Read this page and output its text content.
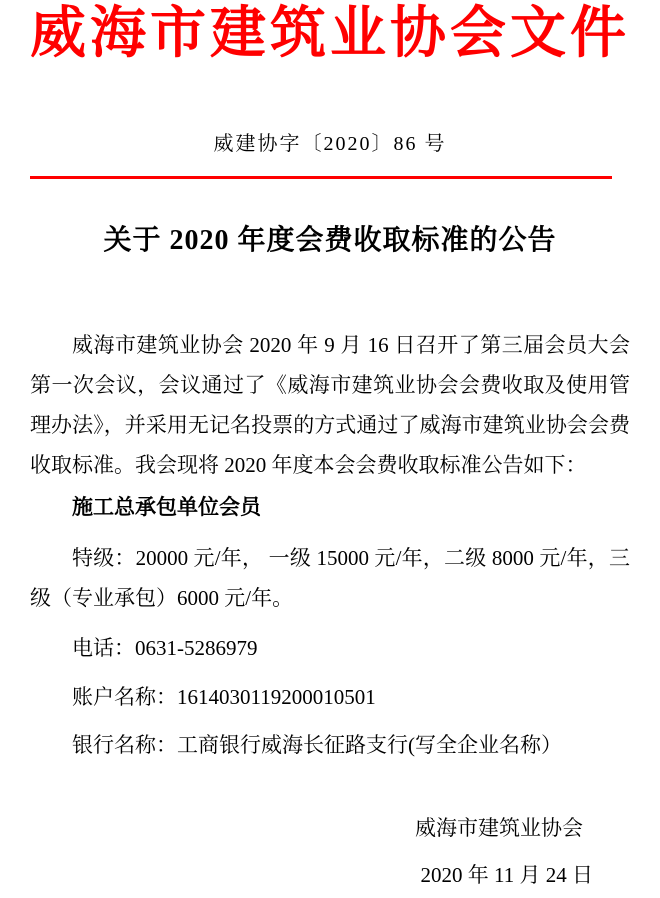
威海市建筑业协会文件
威建协字〔2020〕86 号
关于 2020 年度会费收取标准的公告

威海市建筑业协会 2020 年 9 月 16 日召开了第三届会员大会第一次会议，会议通过了《威海市建筑业协会会费收取及使用管理办法》，并采用无记名投票的方式通过了威海市建筑业协会会费收取标准。我会现将 2020 年度本会会费收取标准公告如下：

施工总承包单位会员

特级：20000 元/年， 一级 15000 元/年，二级 8000 元/年，三级（专业承包）6000 元/年。

电话：0631-5286979

账户名称：1614030119200010501

银行名称：工商银行威海长征路支行(写全企业名称）

威海市建筑业协会
2020 年 11 月 24 日
